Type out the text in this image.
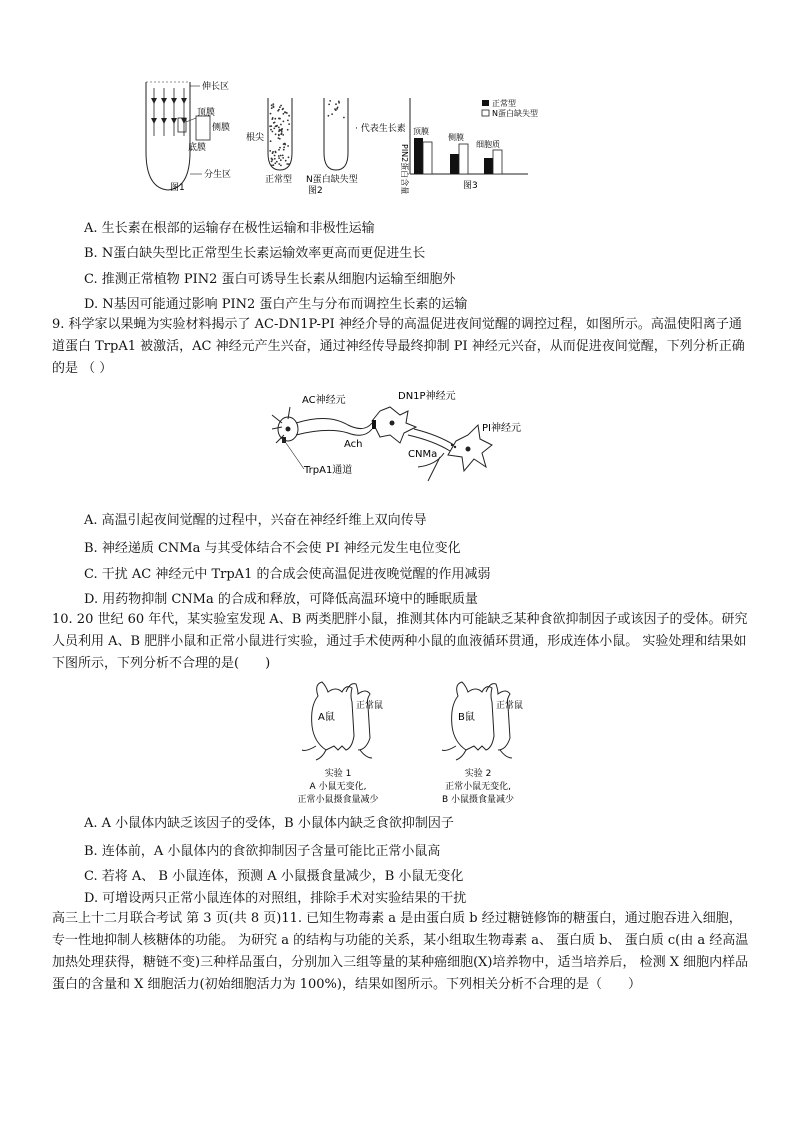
伸长区
顶膜
侧膜
底膜
分生区
图1
根尖
正常型 N蛋白缺失型
· 代表生长素
图2	PIN2蛋白含量
正常型
N蛋白缺失型
顶膜
侧膜
细胞质
图3
A. 生长素在根部的运输存在极性运输和非极性运输
B. N蛋白缺失型比正常型生长素运输效率更高而更促进生长
C. 推测正常植物 PIN2 蛋白可诱导生长素从细胞内运输至细胞外
D. N基因可能通过影响 PIN2 蛋白产生与分布而调控生长素的运输
9. 科学家以果蝇为实验材料揭示了 AC-DN1P-PI 神经介导的高温促进夜间觉醒的调控过程，如图所示。高温使阳离子通道蛋白 TrpA1 被激活，AC 神经元产生兴奋，通过神经传导最终抑制 PI 神经元兴奋，从而促进夜间觉醒，下列分析正确的是 （ ）
AC神经元	DN1P神经元
PI神经元
Ach
CNMa
TrpA1通道
A. 高温引起夜间觉醒的过程中，兴奋在神经纤维上双向传导
B. 神经递质 CNMa 与其受体结合不会使 PI 神经元发生电位变化
C. 干扰 AC 神经元中 TrpA1 的合成会使高温促进夜晚觉醒的作用减弱
D. 用药物抑制 CNMa 的合成和释放，可降低高温环境中的睡眠质量
10. 20 世纪 60 年代，某实验室发现 A、B 两类肥胖小鼠，推测其体内可能缺乏某种食欲抑制因子或该因子的受体。研究人员利用 A、B 肥胖小鼠和正常小鼠进行实验，通过手术使两种小鼠的血液循环贯通，形成连体小鼠。 实验处理和结果如下图所示，下列分析不合理的是(　　)
A鼠
正常鼠
实验 1
A 小鼠无变化,
正常小鼠摄食量减少
B鼠
正常鼠
实验 2
正常小鼠无变化,
B 小鼠摄食量减少
A. A 小鼠体内缺乏该因子的受体，B 小鼠体内缺乏食欲抑制因子
B. 连体前，A 小鼠体内的食欲抑制因子含量可能比正常小鼠高
C. 若将 A、 B 小鼠连体，预测 A 小鼠摄食量减少，B 小鼠无变化
D. 可增设两只正常小鼠连体的对照组，排除手术对实验结果的干扰
高三上十二月联合考试 第 3 页(共 8 页)11. 已知生物毒素 a 是由蛋白质 b 经过糖链修饰的糖蛋白，通过胞吞进入细胞，专一性地抑制人核糖体的功能。 为研究 a 的结构与功能的关系，某小组取生物毒素 a、 蛋白质 b、 蛋白质 c(由 a 经高温加热处理获得，糖链不变)三种样品蛋白，分别加入三组等量的某种癌细胞(X)培养物中，适当培养后， 检测 X 细胞内样品蛋白的含量和 X 细胞活力(初始细胞活力为 100%)，结果如图所示。下列相关分析不合理的是（　　）
